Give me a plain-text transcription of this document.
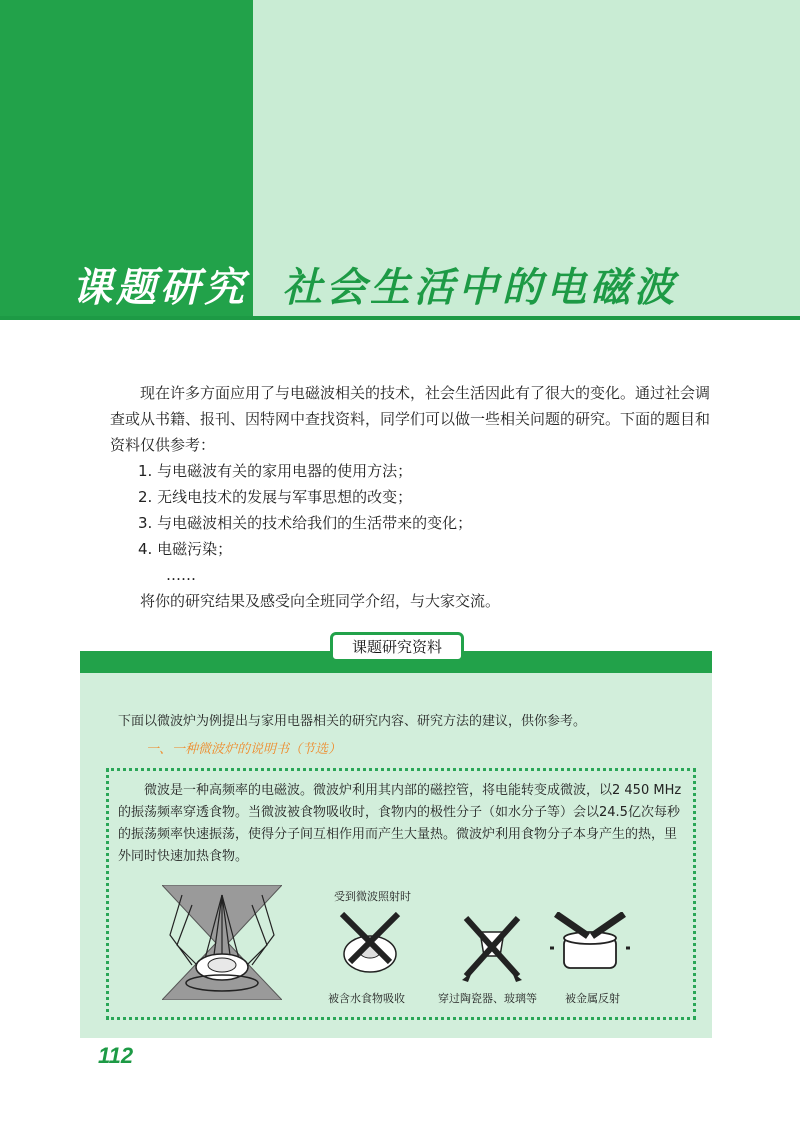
课题研究 社会生活中的电磁波

现在许多方面应用了与电磁波相关的技术，社会生活因此有了很大的变化。通过社会调查或从书籍、报刊、因特网中查找资料，同学们可以做一些相关问题的研究。下面的题目和资料仅供参考：

1. 与电磁波有关的家用电器的使用方法；
2. 无线电技术的发展与军事思想的改变；
3. 与电磁波相关的技术给我们的生活带来的变化；
4. 电磁污染；
……

将你的研究结果及感受向全班同学介绍，与大家交流。

课题研究资料
下面以微波炉为例提出与家用电器相关的研究内容、研究方法的建议，供你参考。
一、一种微波炉的说明书（节选）

微波是一种高频率的电磁波。微波炉利用其内部的磁控管，将电能转变成微波，以2 450 MHz 的振荡频率穿透食物。当微波被食物吸收时，食物内的极性分子（如水分子等）会以24.5亿次每秒的振荡频率快速振荡，使得分子间互相作用而产生大量热。微波炉利用食物分子本身产生的热，里外同时快速加热食物。

受到微波照射时
被含水食物吸收	穿过陶瓷器、玻璃等	被金属反射
112
